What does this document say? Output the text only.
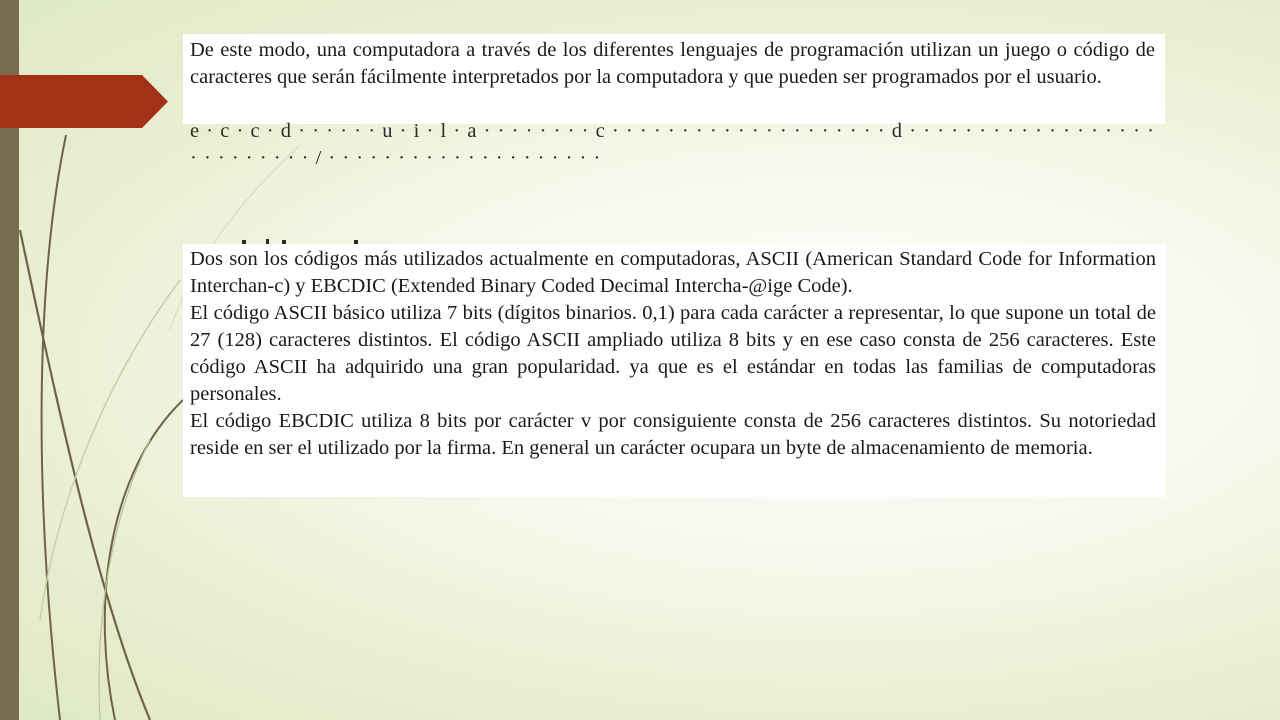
De este modo, una computadora a través de los diferentes lenguajes de programación utilizan un juego o código de caracteres que serán fácilmente interpretados por la computadora y que pueden ser programados por el usuario.
e · c · c · d · · · · · · u · i · l · a · · · · · · · · c · · · · · · · · · · · · · · · · · · · · d · · · · · · · · · · · · · · · · · · · · · · · · · · · / · · · · · · · · · · · · · · · · · · · ·

Dos son los códigos más utilizados actualmente en computadoras, ASCII (American Standard Code for Information Interchan-c) y EBCDIC (Extended Binary Coded Decimal Intercha-@ige Code).

El código ASCII básico utiliza 7 bits (dígitos binarios. 0,1) para cada carácter a representar, lo que supone un total de 27 (128) caracteres distintos. El código ASCII ampliado utiliza 8 bits y en ese caso consta de 256 caracteres. Este código ASCII ha adquirido una gran popularidad. ya que es el estándar en todas las familias de computadoras personales.

El código EBCDIC utiliza 8 bits por carácter v por consiguiente consta de 256 caracteres distintos. Su notoriedad reside en ser el utilizado por la firma. En general un carácter ocupara un byte de almacenamiento de memoria.
